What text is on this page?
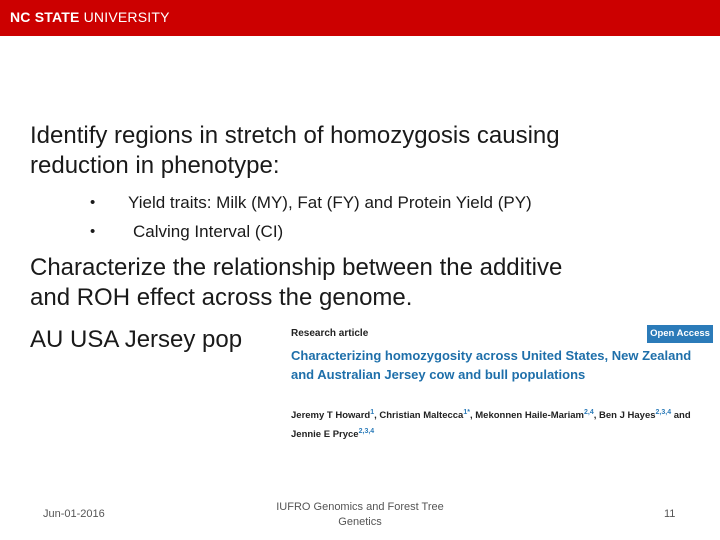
NC STATE UNIVERSITY
Identify regions in stretch of homozygosis causing
reduction in phenotype:
• Yield traits: Milk (MY), Fat (FY) and Protein Yield (PY)
• Calving Interval (CI)
Characterize the relationship between the additive
and ROH effect across the genome.
AU USA Jersey pop	Research article	Open Access
Characterizing homozygosity across United States, New Zealand and Australian Jersey cow and bull populations
Jeremy T Howard$^1$, Christian Maltecca$^{1*}$, Mekonnen Haile-Mariam$^{2,4}$, Ben J Hayes$^{2,3,4}$ and Jennie E Pryce$^{2,3,4}$
Jun-01-2016
IUFRO Genomics and Forest Tree Genetics
11
